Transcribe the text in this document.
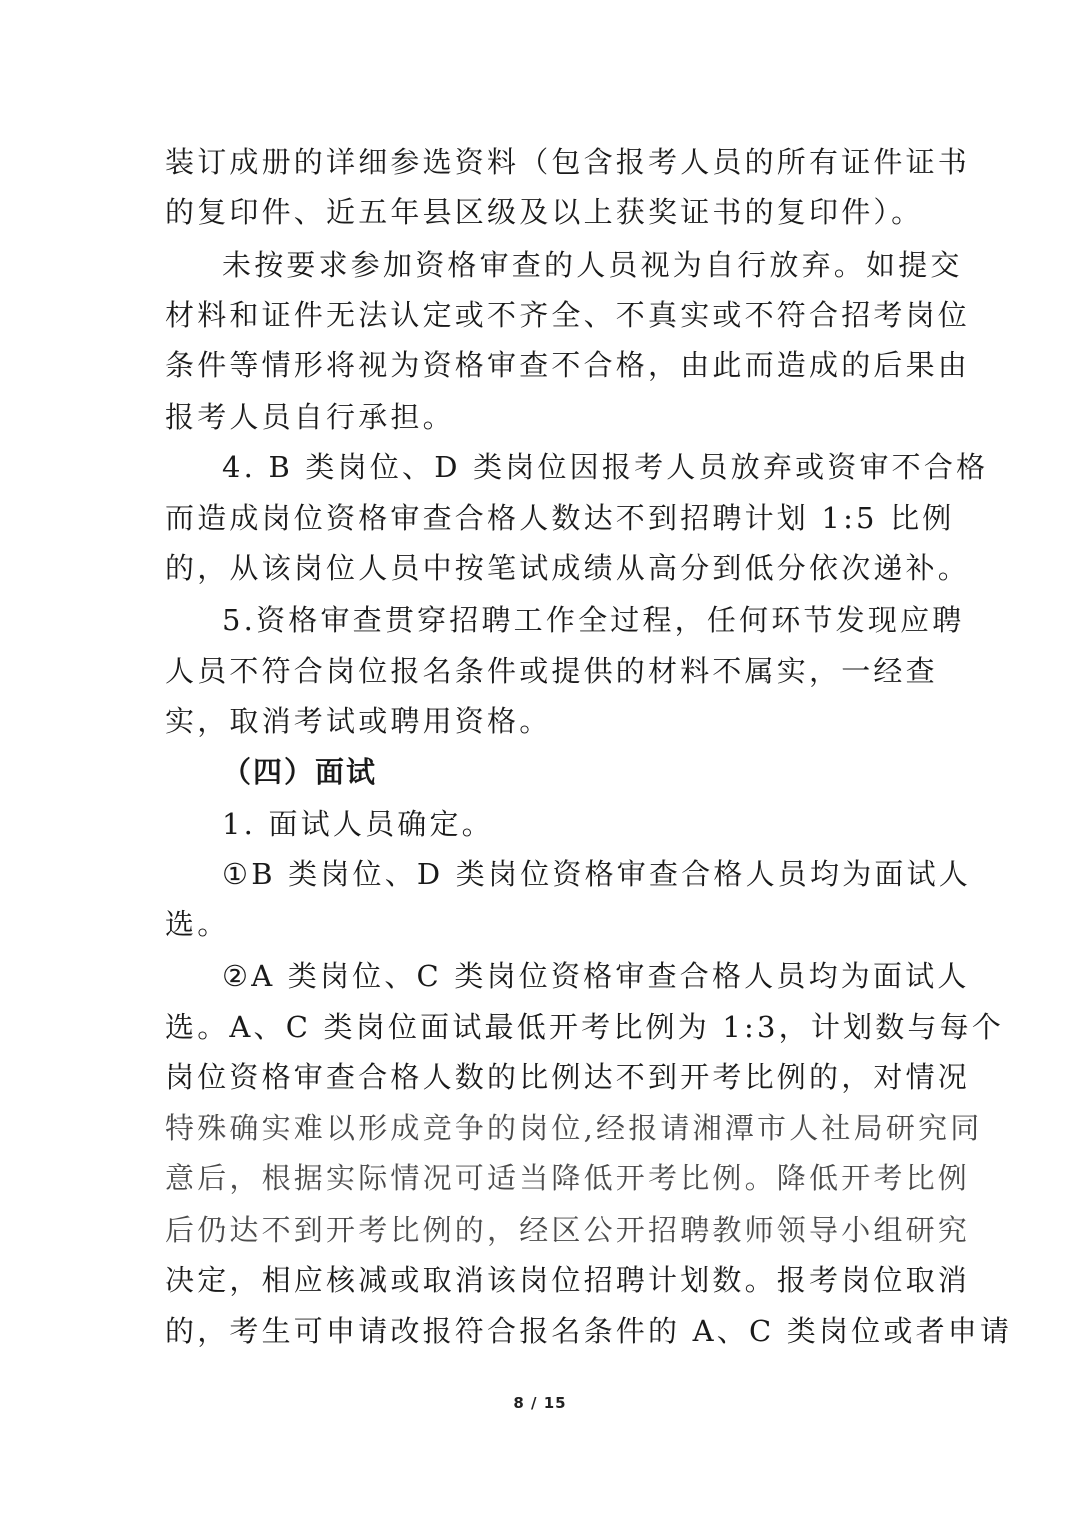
装订成册的详细参选资料（包含报考人员的所有证件证书
的复印件、近五年县区级及以上获奖证书的复印件）。
未按要求参加资格审查的人员视为自行放弃。如提交
材料和证件无法认定或不齐全、不真实或不符合招考岗位
条件等情形将视为资格审查不合格，由此而造成的后果由
报考人员自行承担。
4. B 类岗位、D 类岗位因报考人员放弃或资审不合格
而造成岗位资格审查合格人数达不到招聘计划 1:5 比例
的，从该岗位人员中按笔试成绩从高分到低分依次递补。
5.资格审查贯穿招聘工作全过程，任何环节发现应聘
人员不符合岗位报名条件或提供的材料不属实，一经查
实，取消考试或聘用资格。
（四）面试
1. 面试人员确定。
①B 类岗位、D 类岗位资格审查合格人员均为面试人
选。
②A 类岗位、C 类岗位资格审查合格人员均为面试人
选。A、C 类岗位面试最低开考比例为 1:3，计划数与每个
岗位资格审查合格人数的比例达不到开考比例的，对情况
特殊确实难以形成竞争的岗位,经报请湘潭市人社局研究同
意后，根据实际情况可适当降低开考比例。降低开考比例
后仍达不到开考比例的，经区公开招聘教师领导小组研究
决定，相应核减或取消该岗位招聘计划数。报考岗位取消
的，考生可申请改报符合报名条件的 A、C 类岗位或者申请
8 / 15
